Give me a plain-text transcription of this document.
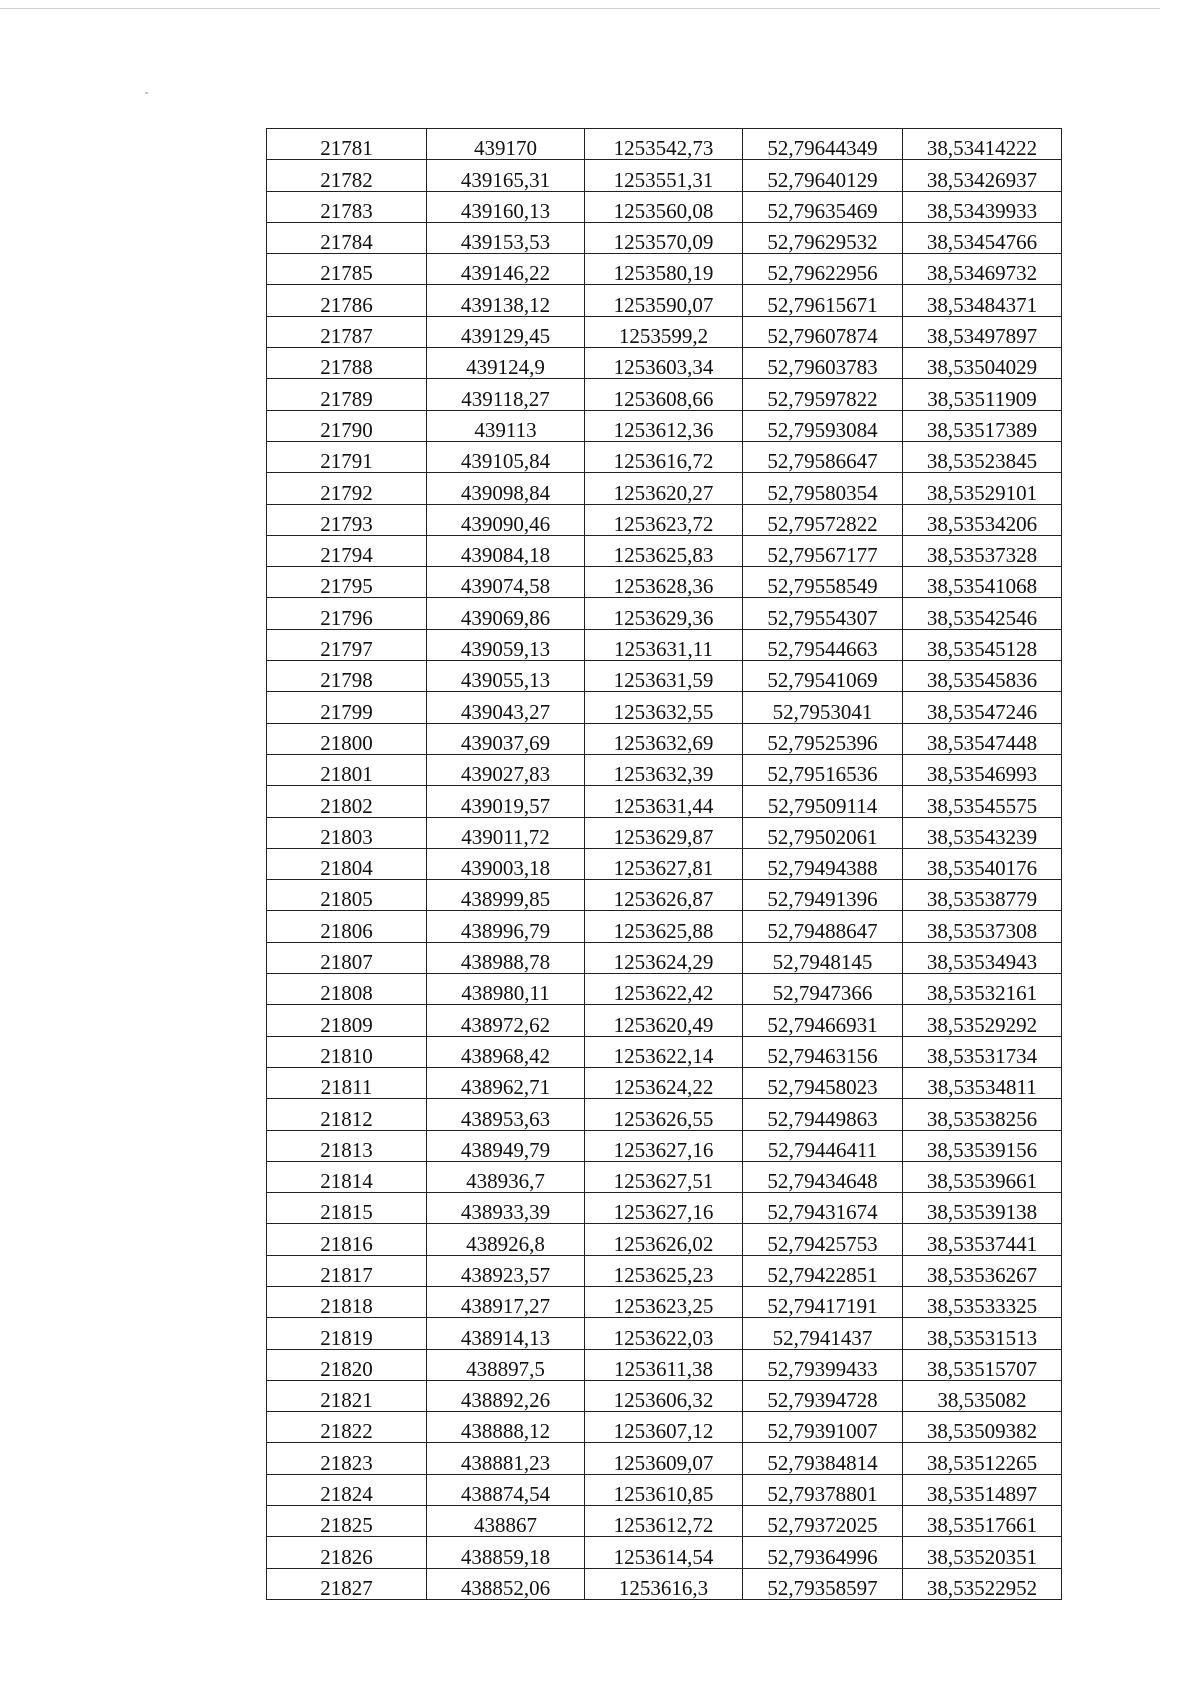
21781	439170	1253542,73	52,79644349	38,53414222
21782	439165,31	1253551,31	52,79640129	38,53426937
21783	439160,13	1253560,08	52,79635469	38,53439933
21784	439153,53	1253570,09	52,79629532	38,53454766
21785	439146,22	1253580,19	52,79622956	38,53469732
21786	439138,12	1253590,07	52,79615671	38,53484371
21787	439129,45	1253599,2	52,79607874	38,53497897
21788	439124,9	1253603,34	52,79603783	38,53504029
21789	439118,27	1253608,66	52,79597822	38,53511909
21790	439113	1253612,36	52,79593084	38,53517389
21791	439105,84	1253616,72	52,79586647	38,53523845
21792	439098,84	1253620,27	52,79580354	38,53529101
21793	439090,46	1253623,72	52,79572822	38,53534206
21794	439084,18	1253625,83	52,79567177	38,53537328
21795	439074,58	1253628,36	52,79558549	38,53541068
21796	439069,86	1253629,36	52,79554307	38,53542546
21797	439059,13	1253631,11	52,79544663	38,53545128
21798	439055,13	1253631,59	52,79541069	38,53545836
21799	439043,27	1253632,55	52,7953041	38,53547246
21800	439037,69	1253632,69	52,79525396	38,53547448
21801	439027,83	1253632,39	52,79516536	38,53546993
21802	439019,57	1253631,44	52,79509114	38,53545575
21803	439011,72	1253629,87	52,79502061	38,53543239
21804	439003,18	1253627,81	52,79494388	38,53540176
21805	438999,85	1253626,87	52,79491396	38,53538779
21806	438996,79	1253625,88	52,79488647	38,53537308
21807	438988,78	1253624,29	52,7948145	38,53534943
21808	438980,11	1253622,42	52,7947366	38,53532161
21809	438972,62	1253620,49	52,79466931	38,53529292
21810	438968,42	1253622,14	52,79463156	38,53531734
21811	438962,71	1253624,22	52,79458023	38,53534811
21812	438953,63	1253626,55	52,79449863	38,53538256
21813	438949,79	1253627,16	52,79446411	38,53539156
21814	438936,7	1253627,51	52,79434648	38,53539661
21815	438933,39	1253627,16	52,79431674	38,53539138
21816	438926,8	1253626,02	52,79425753	38,53537441
21817	438923,57	1253625,23	52,79422851	38,53536267
21818	438917,27	1253623,25	52,79417191	38,53533325
21819	438914,13	1253622,03	52,7941437	38,53531513
21820	438897,5	1253611,38	52,79399433	38,53515707
21821	438892,26	1253606,32	52,79394728	38,535082
21822	438888,12	1253607,12	52,79391007	38,53509382
21823	438881,23	1253609,07	52,79384814	38,53512265
21824	438874,54	1253610,85	52,79378801	38,53514897
21825	438867	1253612,72	52,79372025	38,53517661
21826	438859,18	1253614,54	52,79364996	38,53520351
21827	438852,06	1253616,3	52,79358597	38,53522952
